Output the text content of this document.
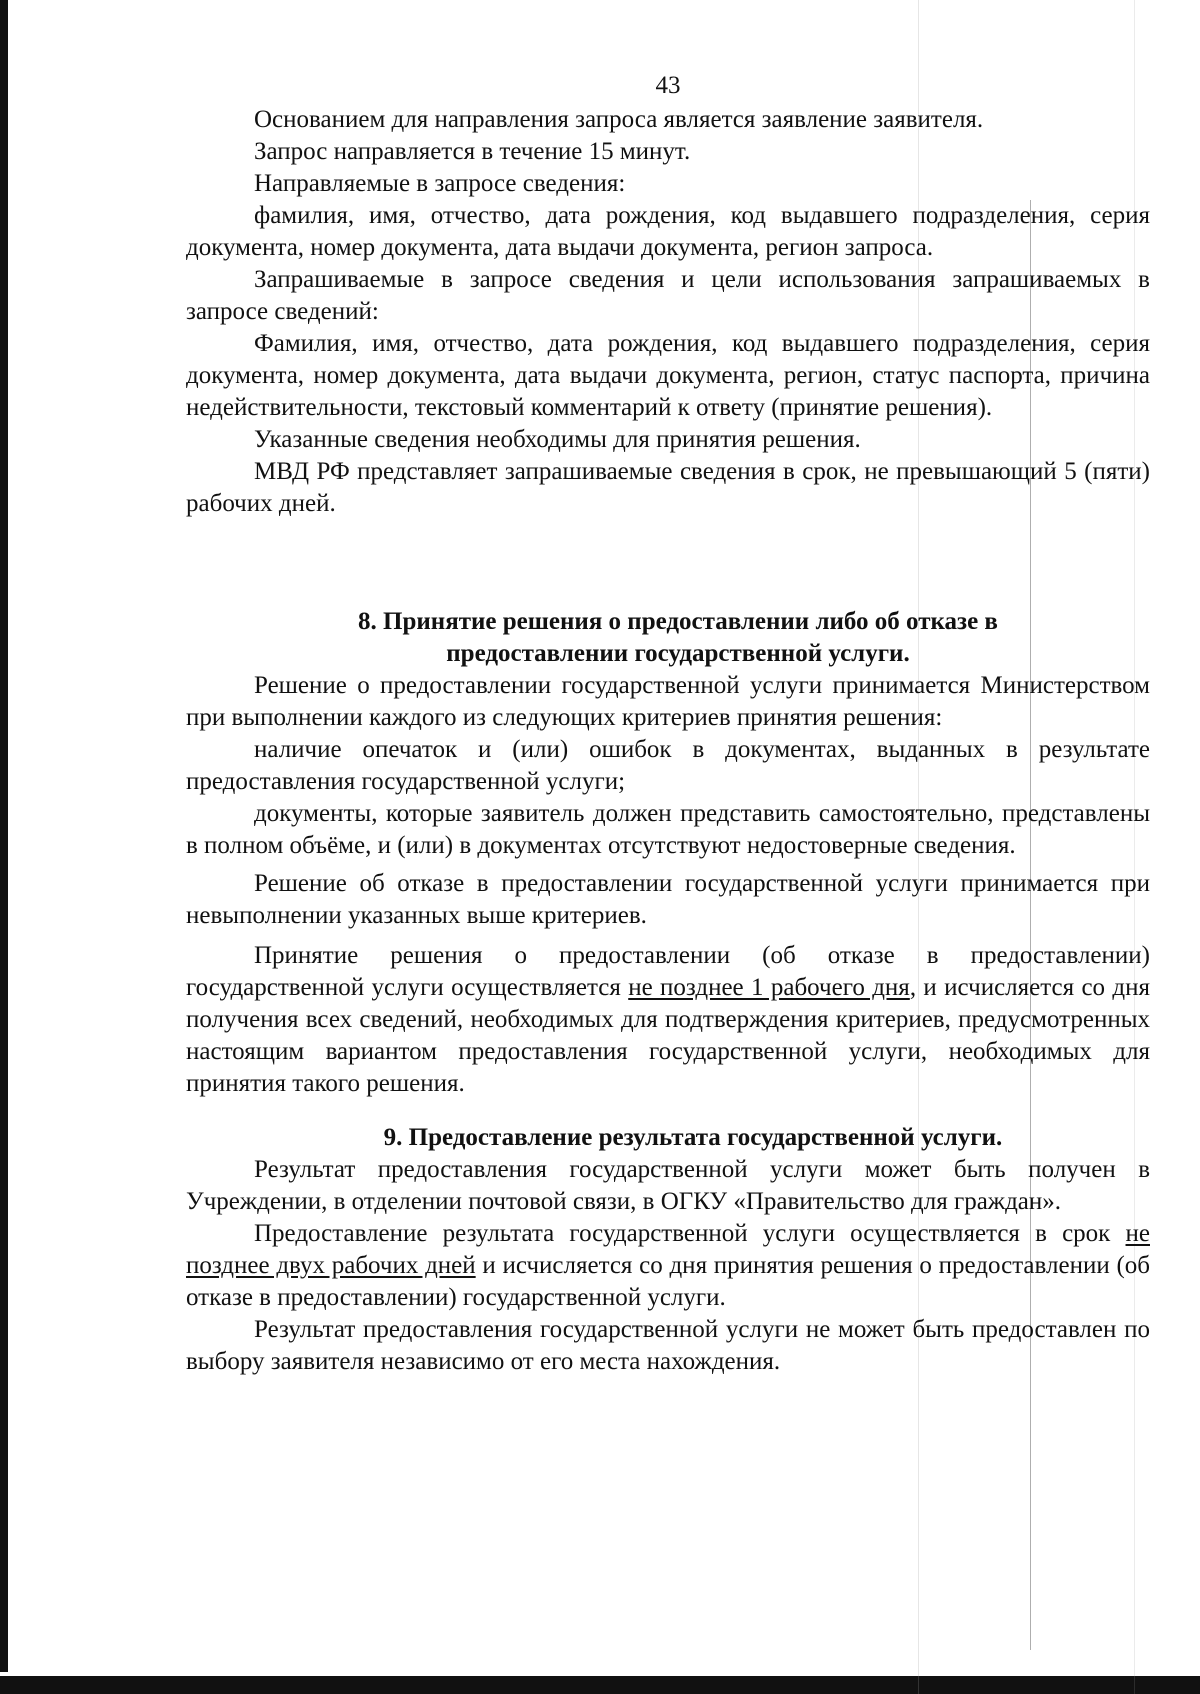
43

Основанием для направления запроса является заявление заявителя.

Запрос направляется в течение 15 минут.

Направляемые в запросе сведения:

фамилия, имя, отчество, дата рождения, код выдавшего подразделения, серия документа, номер документа, дата выдачи документа, регион запроса.

Запрашиваемые в запросе сведения и цели использования запрашиваемых в запросе сведений:

Фамилия, имя, отчество, дата рождения, код выдавшего подразделения, серия документа, номер документа, дата выдачи документа, регион, статус паспорта, причина недействительности, текстовый комментарий к ответу (принятие решения).

Указанные сведения необходимы для принятия решения.

МВД РФ представляет запрашиваемые сведения в срок, не превышающий 5 (пяти) рабочих дней.

8. Принятие решения о предоставлении либо об отказе в
предоставлении государственной услуги.

Решение о предоставлении государственной услуги принимается Министерством при выполнении каждого из следующих критериев принятия решения:

наличие опечаток и (или) ошибок в документах, выданных в результате предоставления государственной услуги;

документы, которые заявитель должен представить самостоятельно, представлены в полном объёме, и (или) в документах отсутствуют недостоверные сведения.

Решение об отказе в предоставлении государственной услуги принимается при невыполнении указанных выше критериев.

Принятие решения о предоставлении (об отказе в предоставлении) государственной услуги осуществляется не позднее 1 рабочего дня, и исчисляется со дня получения всех сведений, необходимых для подтверждения критериев, предусмотренных настоящим вариантом предоставления государственной услуги, необходимых для принятия такого решения.

9. Предоставление результата государственной услуги.

Результат предоставления государственной услуги может быть получен в Учреждении, в отделении почтовой связи, в ОГКУ «Правительство для граждан».

Предоставление результата государственной услуги осуществляется в срок не позднее двух рабочих дней и исчисляется со дня принятия решения о предоставлении (об отказе в предоставлении) государственной услуги.

Результат предоставления государственной услуги не может быть предоставлен по выбору заявителя независимо от его места нахождения.
